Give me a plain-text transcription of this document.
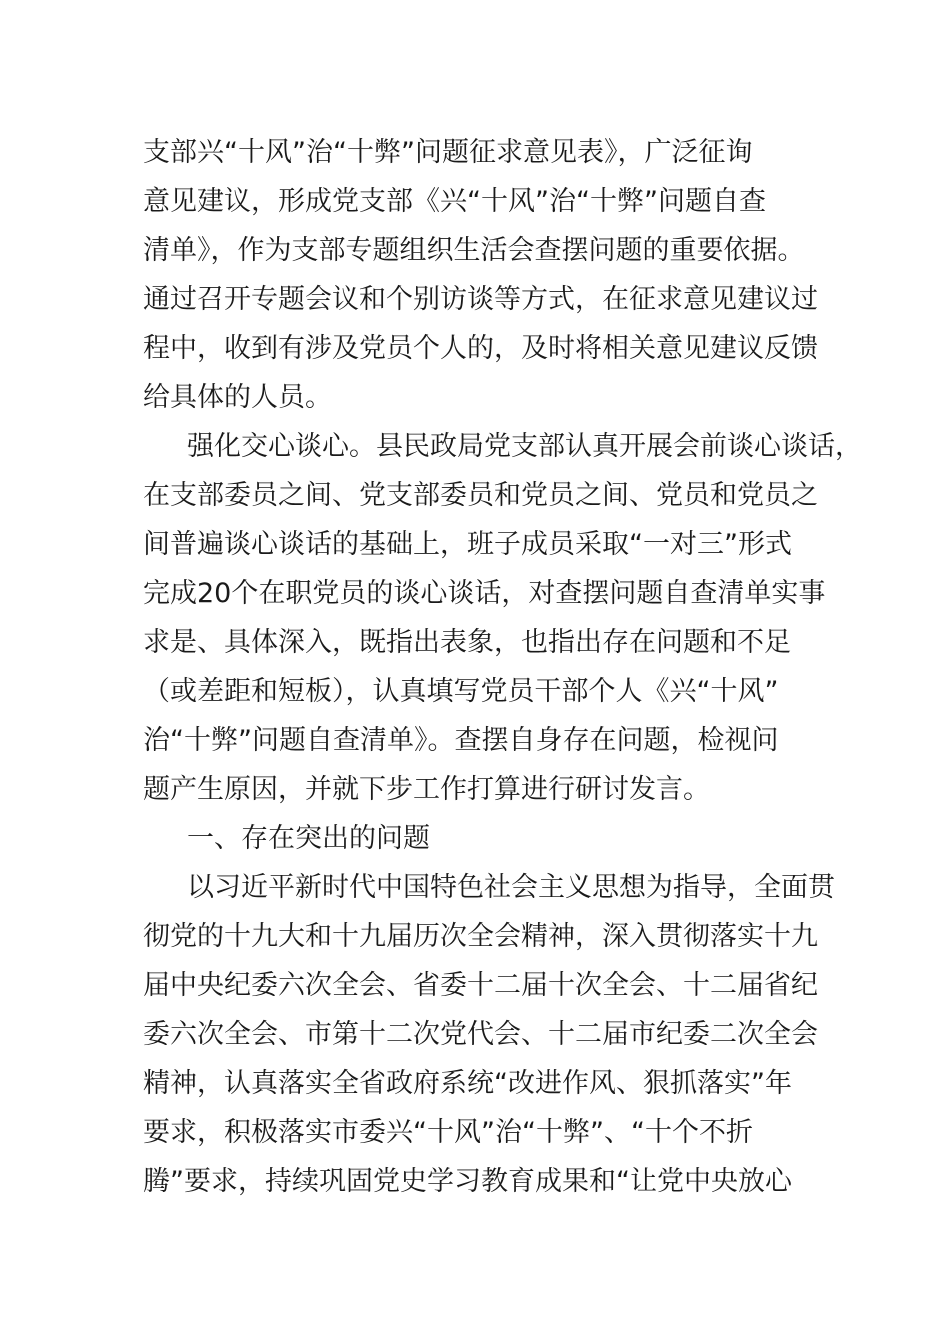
支部兴“十风”治“十弊”问题征求意见表》，广泛征询
意见建议，形成党支部《兴“十风”治“十弊”问题自查
清单》，作为支部专题组织生活会查摆问题的重要依据。
通过召开专题会议和个别访谈等方式，在征求意见建议过
程中，收到有涉及党员个人的，及时将相关意见建议反馈
给具体的人员。
强化交心谈心。县民政局党支部认真开展会前谈心谈话，
在支部委员之间、党支部委员和党员之间、党员和党员之
间普遍谈心谈话的基础上，班子成员采取“一对三”形式
完成20个在职党员的谈心谈话，对查摆问题自查清单实事
求是、具体深入，既指出表象，也指出存在问题和不足
（或差距和短板），认真填写党员干部个人《兴“十风”
治“十弊”问题自查清单》。查摆自身存在问题，检视问
题产生原因，并就下步工作打算进行研讨发言。
一、存在突出的问题
以习近平新时代中国特色社会主义思想为指导，全面贯
彻党的十九大和十九届历次全会精神，深入贯彻落实十九
届中央纪委六次全会、省委十二届十次全会、十二届省纪
委六次全会、市第十二次党代会、十二届市纪委二次全会
精神，认真落实全省政府系统“改进作风、狠抓落实”年
要求，积极落实市委兴“十风”治“十弊”、“十个不折
腾”要求，持续巩固党史学习教育成果和“让党中央放心
